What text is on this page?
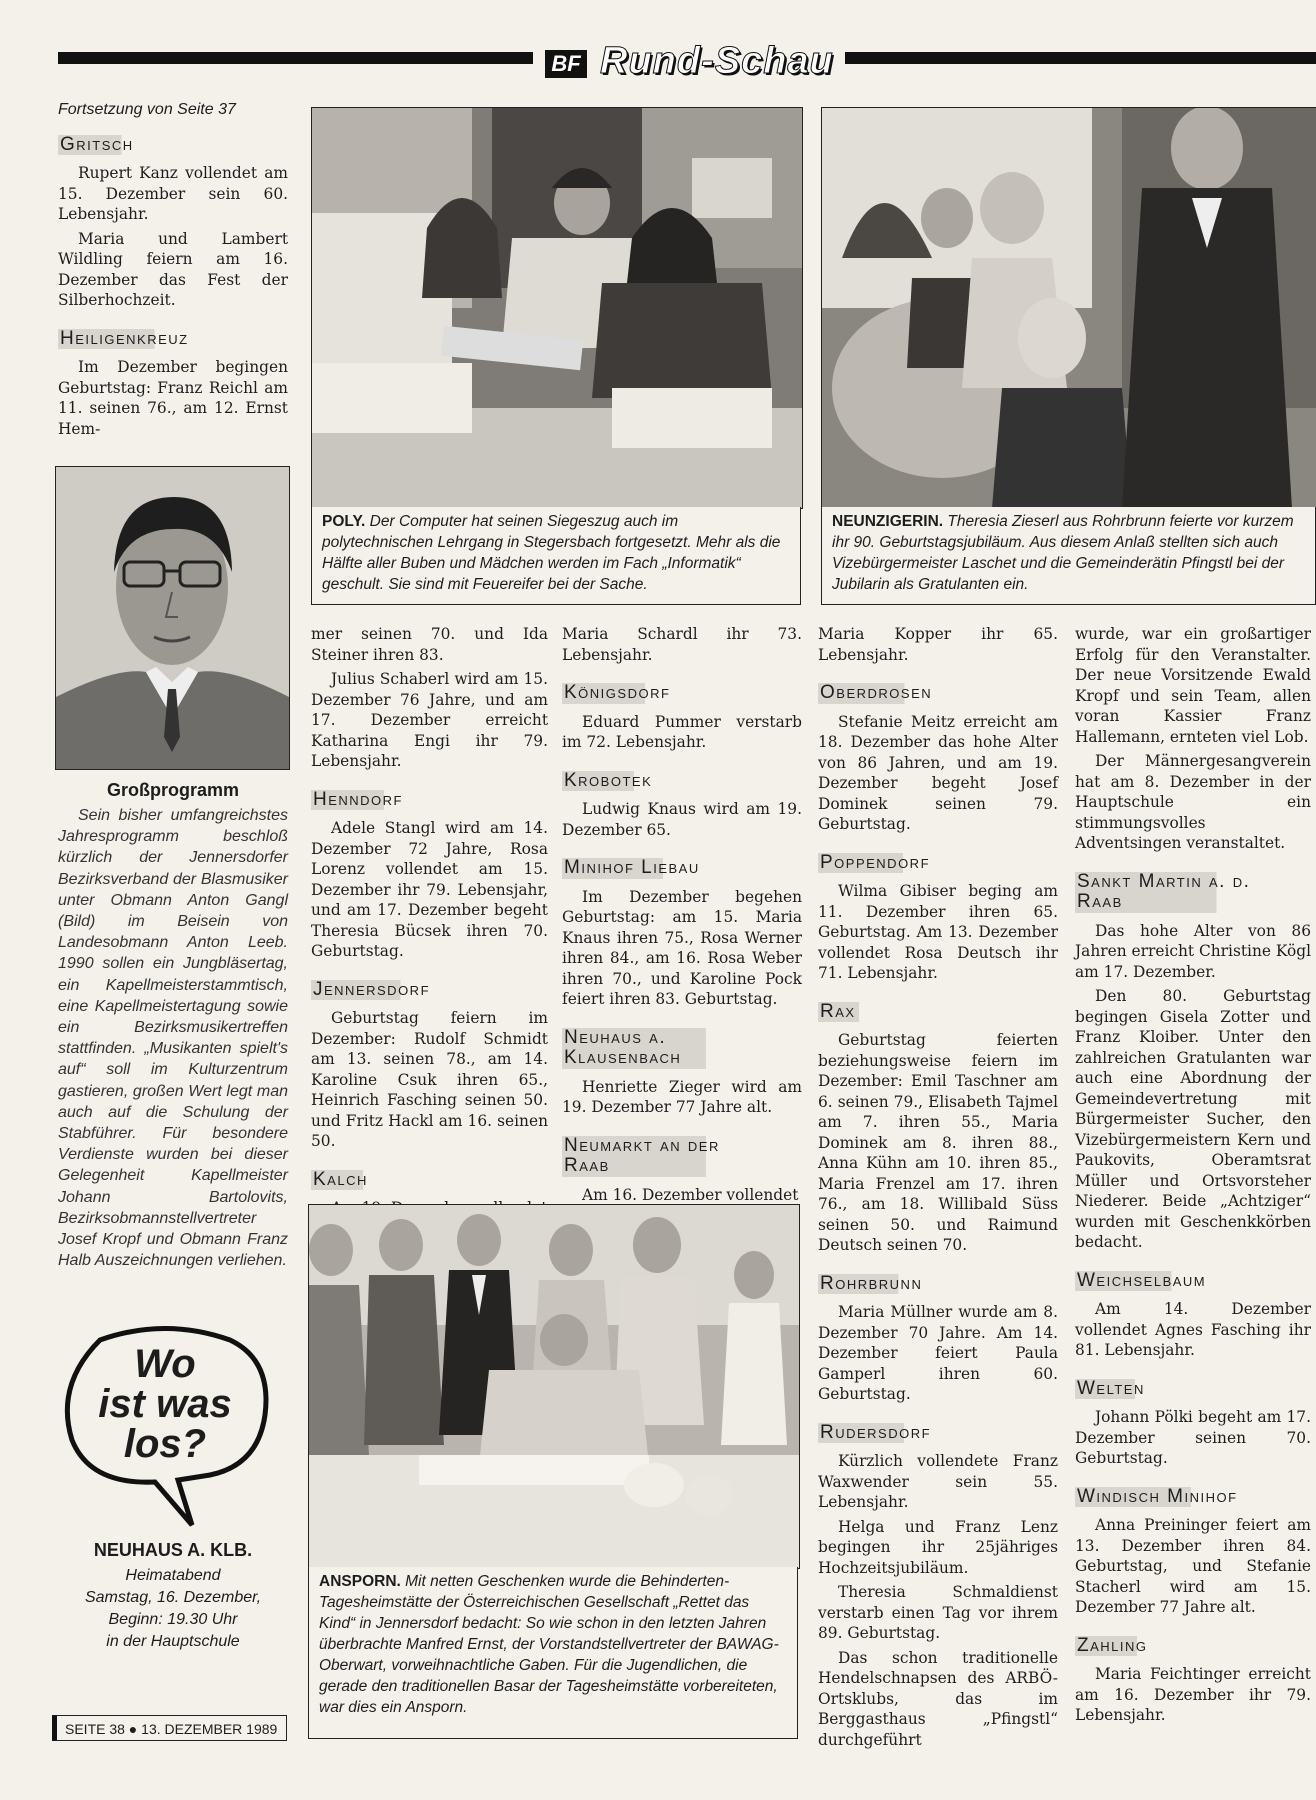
BF Rund-Schau
Fortsetzung von Seite 37
Gritsch

Rupert Kanz vollendet am 15. Dezember sein 60. Lebensjahr.

Maria und Lambert Wildling feiern am 16. Dezember das Fest der Silberhochzeit.

Heiligenkreuz

Im Dezember begingen Geburtstag: Franz Reichl am 11. seinen 76., am 12. Ernst Hem-

Großprogramm
Sein bisher umfangreichstes Jahresprogramm beschloß kürzlich der Jennersdorfer Bezirksverband der Blasmusiker unter Obmann Anton Gangl (Bild) im Beisein von Landesobmann Anton Leeb. 1990 sollen ein Jungbläsertag, ein Kapellmeisterstammtisch, eine Kapellmeistertagung sowie ein Bezirksmusikertreffen stattfinden. „Musikanten spielt's auf“ soll im Kulturzentrum gastieren, großen Wert legt man auch auf die Schulung der Stabführer. Für besondere Verdienste wurden bei dieser Gelegenheit Kapellmeister Johann Bartolovits, Bezirksobmannstellvertreter Josef Kropf und Obmann Franz Halb Auszeichnungen verliehen.
Wo
ist was
los?
NEUHAUS A. KLB.
Heimatabend
Samstag, 16. Dezember,
Beginn: 19.30 Uhr
in der Hauptschule
SEITE 38 ● 13. DEZEMBER 1989
POLY. Der Computer hat seinen Siegeszug auch im polytechnischen Lehrgang in Stegersbach fortgesetzt. Mehr als die Hälfte aller Buben und Mädchen werden im Fach „Informatik“ geschult. Sie sind mit Feuereifer bei der Sache.
NEUNZIGERIN. Theresia Zieserl aus Rohrbrunn feierte vor kurzem ihr 90. Geburtstagsjubiläum. Aus diesem Anlaß stellten sich auch Vizebürgermeister Laschet und die Gemeinderätin Pfingstl bei der Jubilarin als Gratulanten ein.

mer seinen 70. und Ida Steiner ihren 83.

Julius Schaberl wird am 15. Dezember 76 Jahre, und am 17. Dezember erreicht Katharina Engi ihr 79. Lebensjahr.

Henndorf

Adele Stangl wird am 14. Dezember 72 Jahre, Rosa Lorenz vollendet am 15. Dezember ihr 79. Lebensjahr, und am 17. Dezember begeht Theresia Bücsek ihren 70. Geburtstag.

Jennersdorf

Geburtstag feiern im Dezember: Rudolf Schmidt am 13. seinen 78., am 14. Karoline Csuk ihren 65., Heinrich Fasching seinen 50. und Fritz Hackl am 16. seinen 50.

Kalch

Maria Schardl ihr 73. Lebensjahr.

Königsdorf

Eduard Pummer verstarb im 72. Lebensjahr.

Krobotek

Ludwig Knaus wird am 19. Dezember 65.

Minihof Liebau

Im Dezember begehen Geburtstag: am 15. Maria Knaus ihren 75., Rosa Werner ihren 84., am 16. Rosa Weber ihren 70., und Karoline Pock feiert ihren 83. Geburtstag.

Neuhaus a. Klausenbach

Henriette Zieger wird am 19. Dezember 77 Jahre alt.

Neumarkt an der Raab

Am 16. Dezember vollendet

ANSPORN. Mit netten Geschenken wurde die Behinderten-Tagesheimstätte der Österreichischen Gesellschaft „Rettet das Kind“ in Jennersdorf bedacht: So wie schon in den letzten Jahren überbrachte Manfred Ernst, der Vorstandstellvertreter der BAWAG-Oberwart, vorweihnachtliche Gaben. Für die Jugendlichen, die gerade den traditionellen Basar der Tagesheimstätte vorbereiteten, war dies ein Ansporn.

Maria Kopper ihr 65. Lebensjahr.

Oberdrosen

Stefanie Meitz erreicht am 18. Dezember das hohe Alter von 86 Jahren, und am 19. Dezember begeht Josef Dominek seinen 79. Geburtstag.

Poppendorf

Wilma Gibiser beging am 11. Dezember ihren 65. Geburtstag. Am 13. Dezember vollendet Rosa Deutsch ihr 71. Lebensjahr.

Rax

Geburtstag feierten beziehungsweise feiern im Dezember: Emil Taschner am 6. seinen 79., Elisabeth Tajmel am 7. ihren 55., Maria Dominek am 8. ihren 88., Anna Kühn am 10. ihren 85., Maria Frenzel am 17. ihren 76., am 18. Willibald Süss seinen 50. und Raimund Deutsch seinen 70.

Rohrbrunn

Maria Müllner wurde am 8. Dezember 70 Jahre. Am 14. Dezember feiert Paula Gamperl ihren 60. Geburtstag.

Rudersdorf

Kürzlich vollendete Franz Waxwender sein 55. Lebensjahr.

Helga und Franz Lenz begingen ihr 25jähriges Hochzeitsjubiläum.

Theresia Schmaldienst verstarb einen Tag vor ihrem 89. Geburtstag.

Das schon traditionelle Hendelschnapsen des ARBÖ-Ortsklubs, das im Berggasthaus „Pfingstl“ durchgeführt

wurde, war ein großartiger Erfolg für den Veranstalter. Der neue Vorsitzende Ewald Kropf und sein Team, allen voran Kassier Franz Hallemann, ernteten viel Lob.

Der Männergesangverein hat am 8. Dezember in der Hauptschule ein stimmungsvolles Adventsingen veranstaltet.

Sankt Martin a. d. Raab

Das hohe Alter von 86 Jahren erreicht Christine Kögl am 17. Dezember.

Den 80. Geburtstag begingen Gisela Zotter und Franz Kloiber. Unter den zahlreichen Gratulanten war auch eine Abordnung der Gemeindevertretung mit Bürgermeister Sucher, den Vizebürgermeistern Kern und Paukovits, Oberamtsrat Müller und Ortsvorsteher Niederer. Beide „Achtziger“ wurden mit Geschenkkörben bedacht.

Weichselbaum

Am 14. Dezember vollendet Agnes Fasching ihr 81. Lebensjahr.

Welten

Johann Pölki begeht am 17. Dezember seinen 70. Geburtstag.

Windisch Minihof

Anna Preininger feiert am 13. Dezember ihren 84. Geburtstag, und Stefanie Stacherl wird am 15. Dezember 77 Jahre alt.

Zahling

Maria Feichtinger erreicht am 16. Dezember ihr 79. Lebensjahr.
